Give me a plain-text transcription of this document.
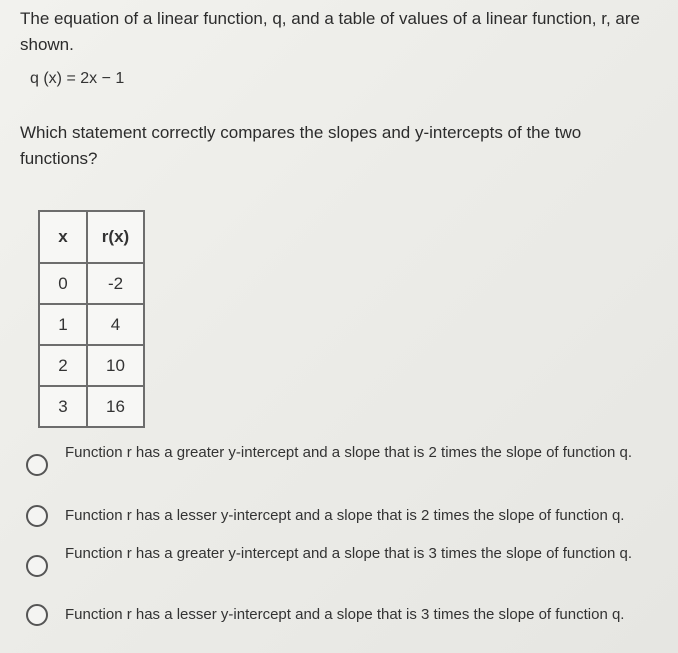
The equation of a linear function, q, and a table of values of a linear function, r, are shown.

q (x) = 2x − 1

Which statement correctly compares the slopes and y-intercepts of the two functions?

x	r(x)
0	-2
1	4
2	10
3	16
Function r has a greater y-intercept and a slope that is 2 times the slope of function q.
Function r has a lesser y-intercept and a slope that is 2 times the slope of function q.
Function r has a greater y-intercept and a slope that is 3 times the slope of function q.
Function r has a lesser y-intercept and a slope that is 3 times the slope of function q.
